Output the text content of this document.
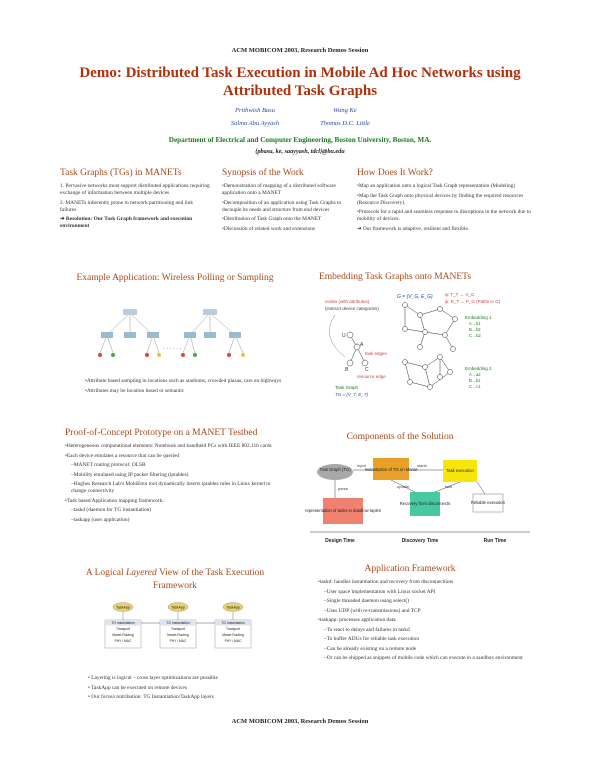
ACM MOBICOM 2003, Research Demos Session
Demo: Distributed Task Execution in Mobile Ad Hoc Networks using
Attributed Task Graphs
Prithwish Basu	Wang Ke
Salma Abu Ayyash	Thomas D.C. Little
Department of Electrical and Computer Engineering, Boston University, Boston, MA.
{pbasu, ke, saayyash, tdcl}@bu.edu
Task Graphs (TGs) in MANETs
1. Pervasive networks must support distributed applications requiring exchange of information between multiple devices
2. MANETs inherently prone to network partitioning and link failures
➔ Resolution: Our Task Graph framework and execution environment
Synopsis of the Work
•Demonstration of mapping of a distributed software application onto a MANET
•Decomposition of an application using Task Graphs to decouple its needs and structure from end devices
•Distribution of Task Graph onto the MANET
•Discussion of related work and extensions
How Does It Work?
•Map an application onto a logical Task Graph representation (Modeling)
•Map the Task Graph onto physical devices by finding the required resources (Resource Discovery).
•Protocols for a rapid and seamless response to disruptions in the network due to mobility of devices.
➔ Our framework is adaptive, resilient and flexible.
Example Application: Wireless Polling or Sampling
. . . . . .
•Attribute based sampling in locations such as stadiums, crowded plazas, cars on highways
•Attributes may be location based or semantic
Embedding Task Graphs onto MANETs
nodes (with attributes)
(instruct device categories)
U
A
B	C
task edges
resource edge
Task Graph
TG = (V_T, E_T)
G = (V_G, E_G)	φ: T_T → V_G
ψ: E_T → P_G (Paths in G)
Embedding 1
A→b1
B→b2
C→b2
Embedding 2
A→a2
B→b1
C→c1
Proof-of-Concept Prototype on a MANET Testbed
•Heterogeneous computational elements: Notebook and handheld PCs with IEEE 802.11b cards
•Each device emulates a resource that can be queried
–MANET routing protocol: OLSR
–Mobility emulated using IP packet filtering (iptables)
–Hughes Research Lab's MobiEmu tool dynamically inserts iptables rules in Linux kernel to change connectivity
•Task based Application mapping framework:
–taskd (daemon for TG instantiation)
–taskapp (user application)
Components of the Solution
Task Graph (TG)	Instantiation of TG on Manet	Task execution
representation of tasks in dataflow tuples
Recovery from disconnects	Reliable execution
input
parse
starts
fails
update
Design Time	Discovery Time	Run Time
A Logical Layered View of the Task Execution Framework
TaskApp	TaskApp	TaskApp
TG Instantiation
Transport
Manet Routing
PHY / MAC
TG Instantiation
Transport
Manet Routing
PHY / MAC
TG Instantiation
Transport
Manet Routing
PHY / MAC
• Layering is logical – cross layer optimizations are possible
• TaskApp can be executed on remote devices
• Our focus/contribution: TG Instantiation/TaskApp layers
Application Framework
•taskd: handles instantiation and recovery from disconnections
–User space implementation with Linux socket API
–Single threaded daemon using select()
–Uses UDP (with re-transmissions) and TCP
•taskapp: processes application data
–To react to delays and failures in taskd
–To buffer ADUs for reliable task execution
–Can be already existing on a remote node
–Or can be shipped as snippets of mobile code which can execute in a sandbox environment
ACM MOBICOM 2003, Research Demos Session
